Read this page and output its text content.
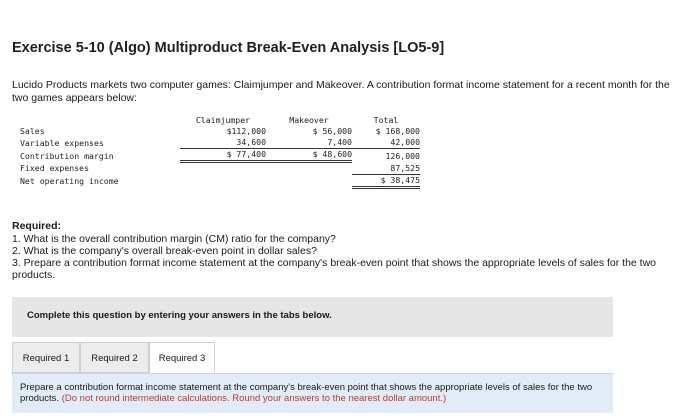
Exercise 5-10 (Algo) Multiproduct Break-Even Analysis [LO5-9]

Lucido Products markets two computer games: Claimjumper and Makeover. A contribution format income statement for a recent month for the two games appears below:

	Claimjumper	Makeover	Total
Sales	$112,000	$ 56,000	$ 168,000
Variable expenses	34,600	7,400	42,000
Contribution margin	$ 77,400	$ 48,600	126,000
Fixed expenses			87,525
Net operating income			$ 38,475

Required:

1. What is the overall contribution margin (CM) ratio for the company?
2. What is the company's overall break-even point in dollar sales?
3. Prepare a contribution format income statement at the company's break-even point that shows the appropriate levels of sales for the two products.
Complete this question by entering your answers in the tabs below.
Required 1	Required 2	Required 3

Prepare a contribution format income statement at the company's break-even point that shows the appropriate levels of sales for the two products. (Do not round intermediate calculations. Round your answers to the nearest dollar amount.)
